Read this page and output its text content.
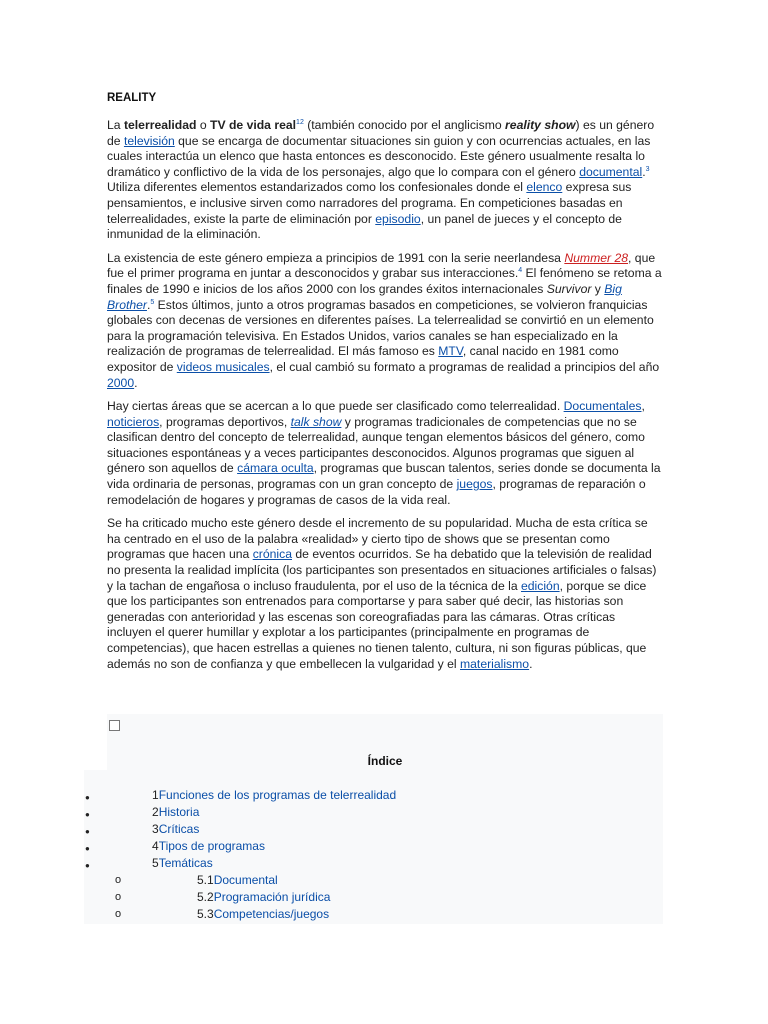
REALITY

La telerrealidad o TV de vida real$^{12}$ (también conocido por el anglicismo reality show) es un género de televisión que se encarga de documentar situaciones sin guion y con ocurrencias actuales, en las cuales interactúa un elenco que hasta entonces es desconocido. Este género usualmente resalta lo dramático y conflictivo de la vida de los personajes, algo que lo compara con el género documental.$^3$ Utiliza diferentes elementos estandarizados como los confesionales donde el elenco expresa sus pensamientos, e inclusive sirven como narradores del programa. En competiciones basadas en telerrealidades, existe la parte de eliminación por episodio, un panel de jueces y el concepto de inmunidad de la eliminación.

La existencia de este género empieza a principios de 1991 con la serie neerlandesa Nummer 28, que fue el primer programa en juntar a desconocidos y grabar sus interacciones.$^4$ El fenómeno se retoma a finales de 1990 e inicios de los años 2000 con los grandes éxitos internacionales Survivor y Big Brother.$^5$ Estos últimos, junto a otros programas basados en competiciones, se volvieron franquicias globales con decenas de versiones en diferentes países. La telerrealidad se convirtió en un elemento para la programación televisiva. En Estados Unidos, varios canales se han especializado en la realización de programas de telerrealidad. El más famoso es MTV, canal nacido en 1981 como expositor de videos musicales, el cual cambió su formato a programas de realidad a principios del año 2000.

Hay ciertas áreas que se acercan a lo que puede ser clasificado como telerrealidad. Documentales, noticieros, programas deportivos, talk show y programas tradicionales de competencias que no se clasifican dentro del concepto de telerrealidad, aunque tengan elementos básicos del género, como situaciones espontáneas y a veces participantes desconocidos. Algunos programas que siguen al género son aquellos de cámara oculta, programas que buscan talentos, series donde se documenta la vida ordinaria de personas, programas con un gran concepto de juegos, programas de reparación o remodelación de hogares y programas de casos de la vida real.

Se ha criticado mucho este género desde el incremento de su popularidad. Mucha de esta crítica se ha centrado en el uso de la palabra «realidad» y cierto tipo de shows que se presentan como programas que hacen una crónica de eventos ocurridos. Se ha debatido que la televisión de realidad no presenta la realidad implícita (los participantes son presentados en situaciones artificiales o falsas) y la tachan de engañosa o incluso fraudulenta, por el uso de la técnica de la edición, porque se dice que los participantes son entrenados para comportarse y para saber qué decir, las historias son generadas con anterioridad y las escenas son coreografiadas para las cámaras. Otras críticas incluyen el querer humillar y explotar a los participantes (principalmente en programas de competencias), que hacen estrellas a quienes no tienen talento, cultura, ni son figuras públicas, que además no son de confianza y que embellecen la vulgaridad y el materialismo.

Índice
●	1Funciones de los programas de telerrealidad
●	2Historia
●	3Críticas
●	4Tipos de programas
●	5Temáticas
o	5.1Documental
o	5.2Programación jurídica
o	5.3Competencias/juegos
